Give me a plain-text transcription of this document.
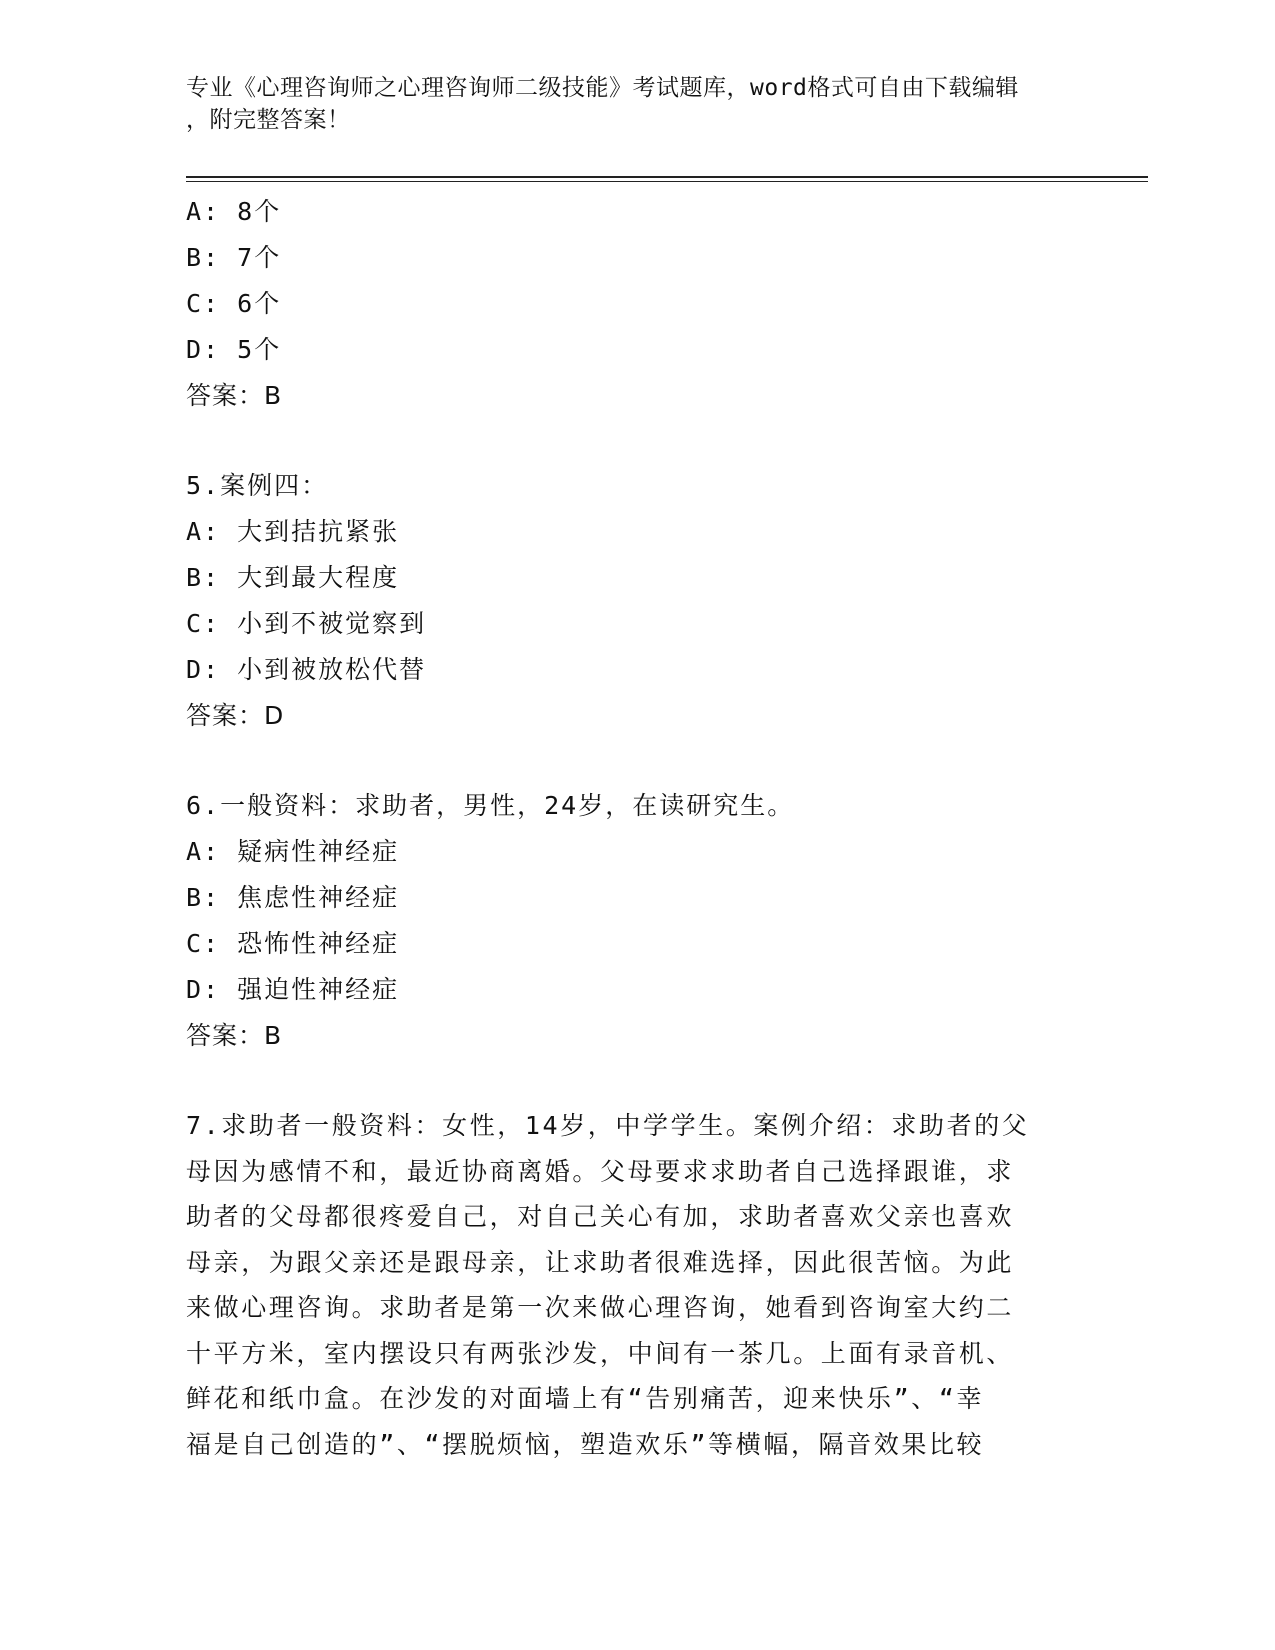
专业《心理咨询师之心理咨询师二级技能》考试题库，word格式可自由下载编辑
，附完整答案！
A: 8个
B: 7个
C: 6个
D: 5个
答案：B
5.案例四：
A: 大到拮抗紧张
B: 大到最大程度
C: 小到不被觉察到
D: 小到被放松代替
答案：D
6.一般资料：求助者，男性，24岁，在读研究生。
A: 疑病性神经症
B: 焦虑性神经症
C: 恐怖性神经症
D: 强迫性神经症
答案：B
7.求助者一般资料：女性，14岁，中学学生。案例介绍：求助者的父
母因为感情不和，最近协商离婚。父母要求求助者自己选择跟谁，求
助者的父母都很疼爱自己，对自己关心有加，求助者喜欢父亲也喜欢
母亲，为跟父亲还是跟母亲，让求助者很难选择，因此很苦恼。为此
来做心理咨询。求助者是第一次来做心理咨询，她看到咨询室大约二
十平方米，室内摆设只有两张沙发，中间有一茶几。上面有录音机、
鲜花和纸巾盒。在沙发的对面墙上有“告别痛苦，迎来快乐”、“幸
福是自己创造的”、“摆脱烦恼，塑造欢乐”等横幅，隔音效果比较
